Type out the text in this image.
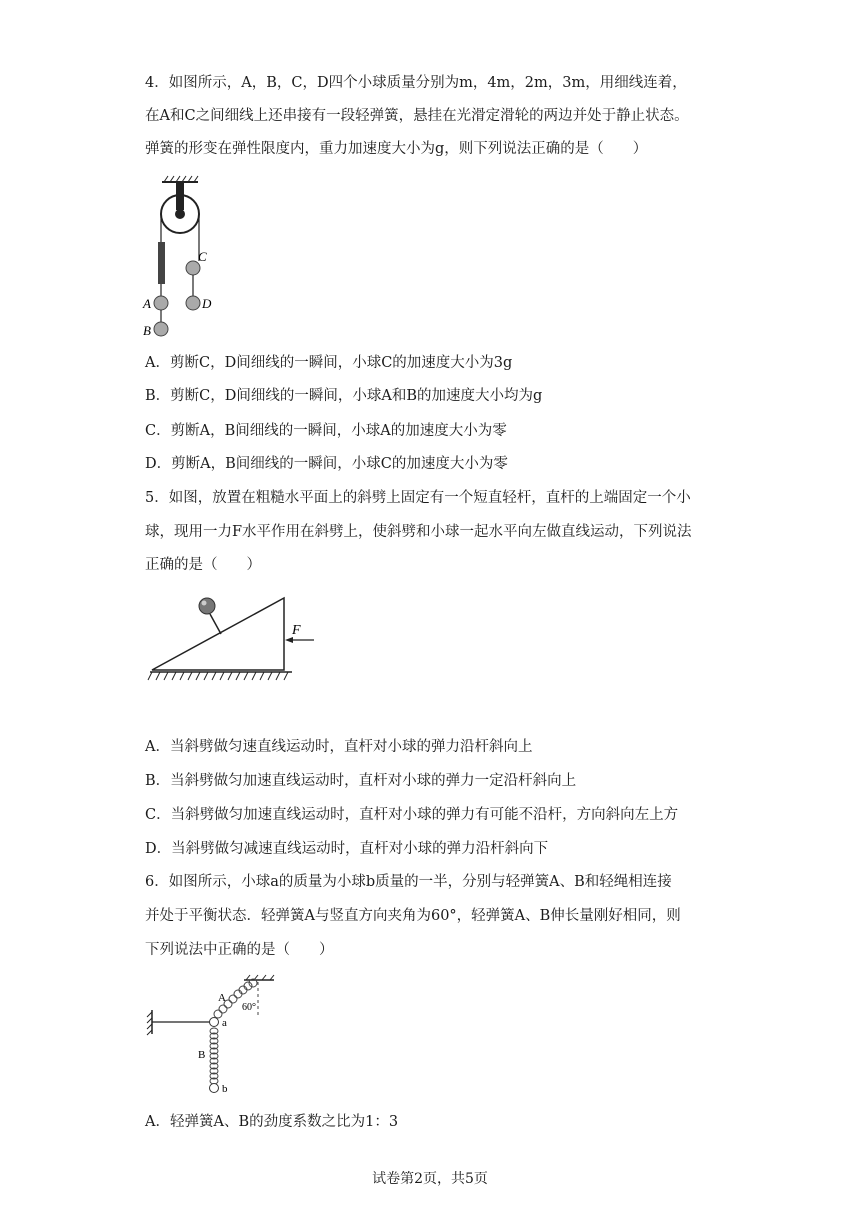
4．如图所示，A，B，C，D四个小球质量分别为m，4m，2m，3m，用细线连着，
在A和C之间细线上还串接有一段轻弹簧，悬挂在光滑定滑轮的两边并处于静止状态。
弹簧的形变在弹性限度内，重力加速度大小为g，则下列说法正确的是（　　）
C
A	D
B
A．剪断C，D间细线的一瞬间，小球C的加速度大小为3g
B．剪断C，D间细线的一瞬间，小球A和B的加速度大小均为g
C．剪断A，B间细线的一瞬间，小球A的加速度大小为零
D．剪断A，B间细线的一瞬间，小球C的加速度大小为零
5．如图，放置在粗糙水平面上的斜劈上固定有一个短直轻杆，直杆的上端固定一个小
球，现用一力F水平作用在斜劈上，使斜劈和小球一起水平向左做直线运动，下列说法
正确的是（　　）
F
A．当斜劈做匀速直线运动时，直杆对小球的弹力沿杆斜向上
B．当斜劈做匀加速直线运动时，直杆对小球的弹力一定沿杆斜向上
C．当斜劈做匀加速直线运动时，直杆对小球的弹力有可能不沿杆，方向斜向左上方
D．当斜劈做匀减速直线运动时，直杆对小球的弹力沿杆斜向下
6．如图所示，小球a的质量为小球b质量的一半，分别与轻弹簧A、B和轻绳相连接
并处于平衡状态．轻弹簧A与竖直方向夹角为60°，轻弹簧A、B伸长量刚好相同，则
下列说法中正确的是（　　）
A
60°
a
B
b
A．轻弹簧A、B的劲度系数之比为1：3
试卷第2页，共5页
